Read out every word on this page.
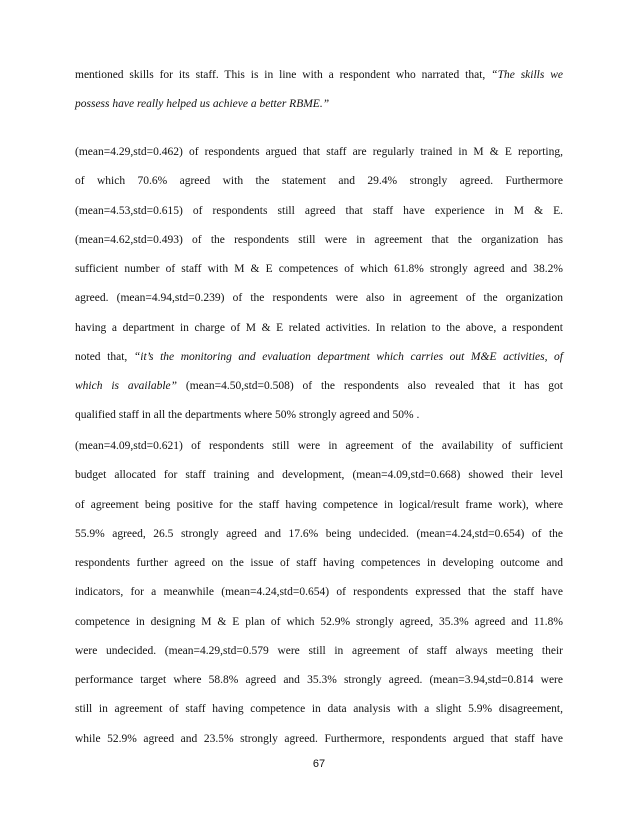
mentioned skills for its staff. This is in line with a respondent who narrated that, “The skills we
possess have really helped us achieve a better RBME.”
(mean=4.29,std=0.462) of respondents argued that staff are regularly trained in M & E reporting,
of which 70.6% agreed with the statement and 29.4% strongly agreed. Furthermore
(mean=4.53,std=0.615) of respondents still agreed that staff have experience in M & E.
(mean=4.62,std=0.493) of the respondents still were in agreement that the organization has
sufficient number of staff with M & E competences of which 61.8% strongly agreed and 38.2%
agreed. (mean=4.94,std=0.239) of the respondents were also in agreement of the organization
having a department in charge of M & E related activities. In relation to the above, a respondent
noted that, “it’s the monitoring and evaluation department which carries out M&E activities, of
which is available” (mean=4.50,std=0.508) of the respondents also revealed that it has got
qualified staff in all the departments where 50% strongly agreed and 50% .
(mean=4.09,std=0.621) of respondents still were in agreement of the availability of sufficient
budget allocated for staff training and development, (mean=4.09,std=0.668) showed their level
of agreement being positive for the staff having competence in logical/result frame work), where
55.9% agreed, 26.5 strongly agreed and 17.6% being undecided. (mean=4.24,std=0.654) of the
respondents further agreed on the issue of staff having competences in developing outcome and
indicators, for a meanwhile (mean=4.24,std=0.654) of respondents expressed that the staff have
competence in designing M & E plan of which 52.9% strongly agreed, 35.3% agreed and 11.8%
were undecided. (mean=4.29,std=0.579 were still in agreement of staff always meeting their
performance target where 58.8% agreed and 35.3% strongly agreed. (mean=3.94,std=0.814 were
still in agreement of staff having competence in data analysis with a slight 5.9% disagreement,
while 52.9% agreed and 23.5% strongly agreed. Furthermore, respondents argued that staff have
67
